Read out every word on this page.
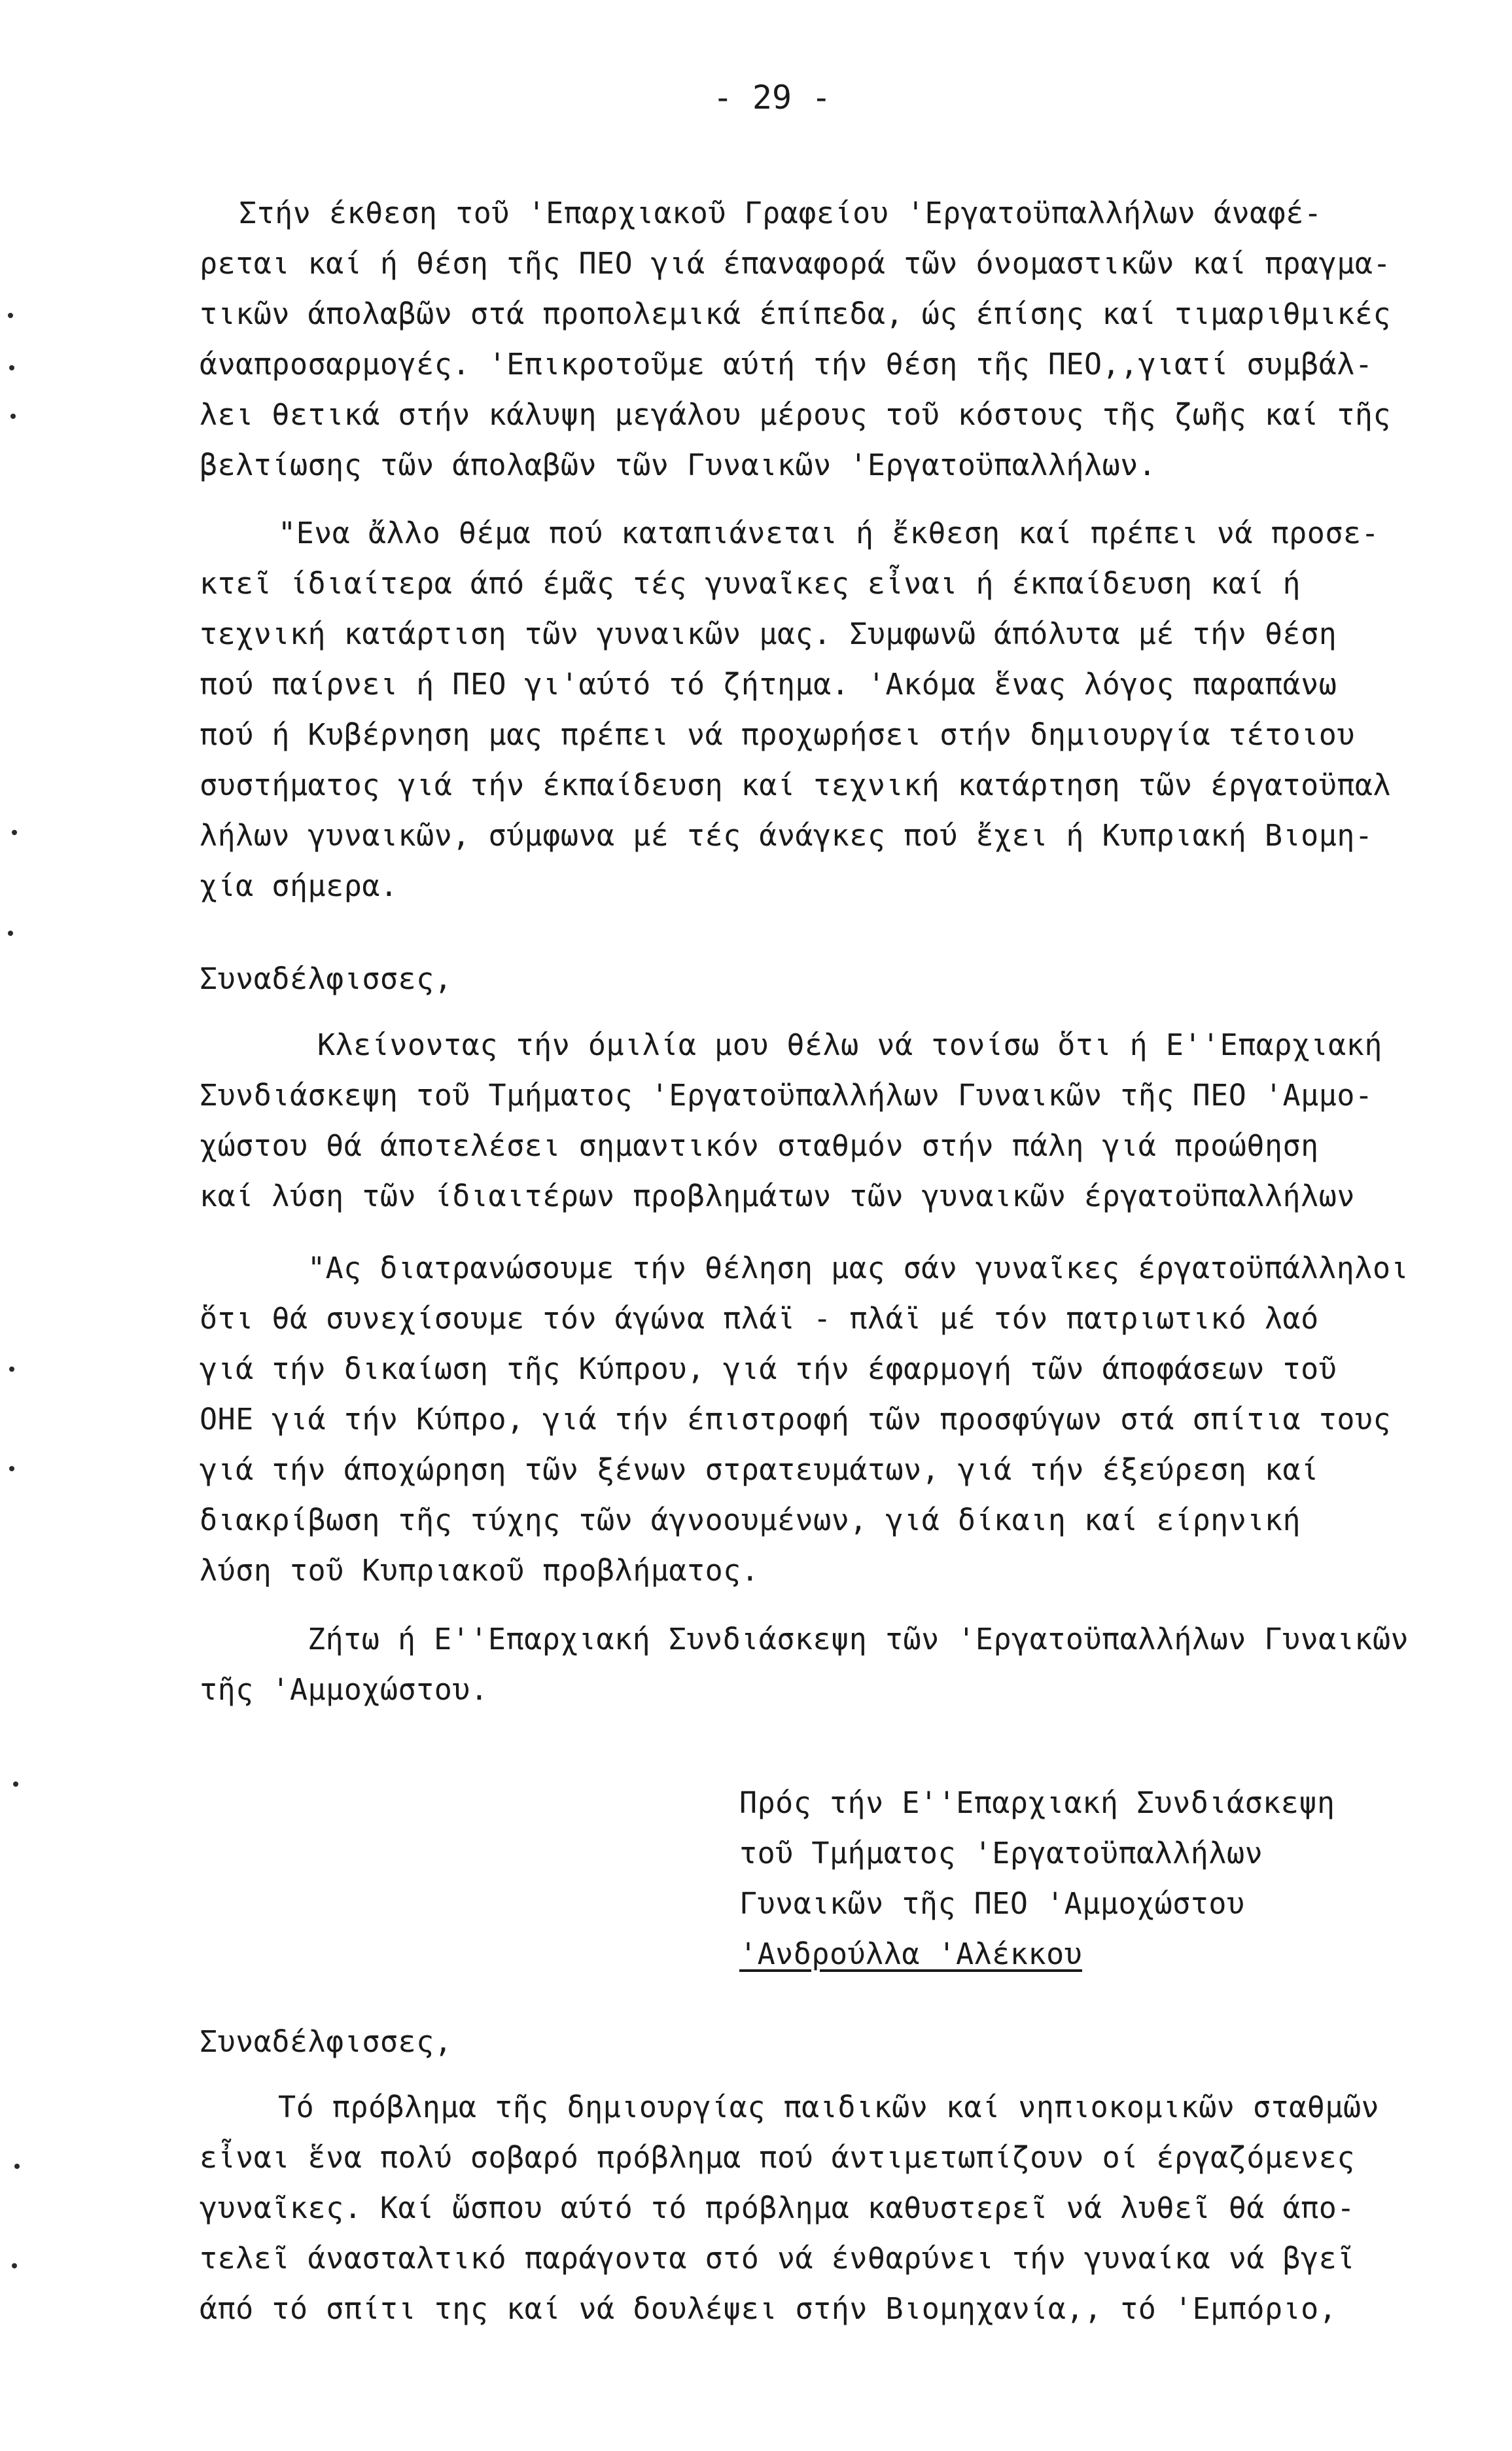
- 29 -
Στήν έκθεση τοῦ 'Επαρχιακοῦ Γραφείου 'Εργατοϋπαλλήλων άναφέ-
ρεται καί ή θέση τῆς ΠΕΟ γιά έπαναφορά τῶν όνομαστικῶν καί πραγμα-
τικῶν άπολαβῶν στά προπολεμικά έπίπεδα, ώς έπίσης καί τιμαριθμικές
άναπροσαρμογές. 'Επικροτοῦμε αύτή τήν θέση τῆς ΠΕΟ,,γιατί συμβάλ-
λει θετικά στήν κάλυψη μεγάλου μέρους τοῦ κόστους τῆς ζωῆς καί τῆς
βελτίωσης τῶν άπολαβῶν τῶν Γυναικῶν 'Εργατοϋπαλλήλων.
"Ενα ἄλλο θέμα πού καταπιάνεται ή ἔκθεση καί πρέπει νά προσε-
κτεῖ ίδιαίτερα άπό έμᾶς τές γυναῖκες εἶναι ή έκπαίδευση καί ή
τεχνική κατάρτιση τῶν γυναικῶν μας. Συμφωνῶ άπόλυτα μέ τήν θέση
πού παίρνει ή ΠΕΟ γι'αύτό τό ζήτημα. 'Ακόμα ἕνας λόγος παραπάνω
πού ή Κυβέρνηση μας πρέπει νά προχωρήσει στήν δημιουργία τέτοιου
συστήματος γιά τήν έκπαίδευση καί τεχνική κατάρτηση τῶν έργατοϋπαλ
λήλων γυναικῶν, σύμφωνα μέ τές άνάγκες πού ἔχει ή Κυπριακή Βιομη-
χία σήμερα.
Συναδέλφισσες,
Κλείνοντας τήν όμιλία μου θέλω νά τονίσω ὅτι ή Ε''Επαρχιακή
Συνδιάσκεψη τοῦ Τμήματος 'Εργατοϋπαλλήλων Γυναικῶν τῆς ΠΕΟ 'Αμμο-
χώστου θά άποτελέσει σημαντικόν σταθμόν στήν πάλη γιά προώθηση
καί λύση τῶν ίδιαιτέρων προβλημάτων τῶν γυναικῶν έργατοϋπαλλήλων
"Ας διατρανώσουμε τήν θέληση μας σάν γυναῖκες έργατοϋπάλληλοι
ὅτι θά συνεχίσουμε τόν άγώνα πλάϊ - πλάϊ μέ τόν πατριωτικό λαό
γιά τήν δικαίωση τῆς Κύπρου, γιά τήν έφαρμογή τῶν άποφάσεων τοῦ
ΟΗΕ γιά τήν Κύπρο, γιά τήν έπιστροφή τῶν προσφύγων στά σπίτια τους
γιά τήν άποχώρηση τῶν ξένων στρατευμάτων, γιά τήν έξεύρεση καί
διακρίβωση τῆς τύχης τῶν άγνοουμένων, γιά δίκαιη καί είρηνική
λύση τοῦ Κυπριακοῦ προβλήματος.
Ζήτω ή Ε''Επαρχιακή Συνδιάσκεψη τῶν 'Εργατοϋπαλλήλων Γυναικῶν
τῆς 'Αμμοχώστου.
Πρός τήν Ε''Επαρχιακή Συνδιάσκεψη
τοῦ Τμήματος 'Εργατοϋπαλλήλων
Γυναικῶν τῆς ΠΕΟ 'Αμμοχώστου
'Ανδρούλλα 'Αλέκκου
Συναδέλφισσες,
Τό πρόβλημα τῆς δημιουργίας παιδικῶν καί νηπιοκομικῶν σταθμῶν
εἶναι ἕνα πολύ σοβαρό πρόβλημα πού άντιμετωπίζουν οί έργαζόμενες
γυναῖκες. Καί ὥσπου αύτό τό πρόβλημα καθυστερεῖ νά λυθεῖ θά άπο-
τελεῖ άνασταλτικό παράγοντα στό νά ένθαρύνει τήν γυναίκα νά βγεῖ
άπό τό σπίτι της καί νά δουλέψει στήν Βιομηχανία,, τό 'Εμπόριο,
